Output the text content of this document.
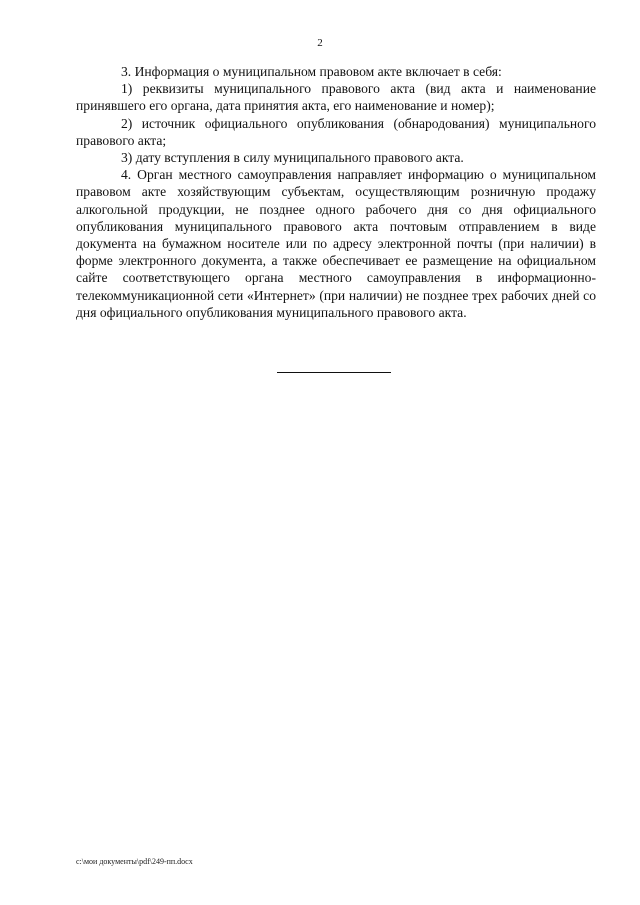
2

3. Информация о муниципальном правовом акте включает в себя:

1) реквизиты муниципального правового акта (вид акта и наименование принявшего его органа, дата принятия акта, его наименование и номер);

2) источник официального опубликования (обнародования) муниципального правового акта;

3) дату вступления в силу муниципального правового акта.

4. Орган местного самоуправления направляет информацию о муниципальном правовом акте хозяйствующим субъектам, осуществляющим розничную продажу алкогольной продукции, не позднее одного рабочего дня со дня официального опубликования муниципального правового акта почтовым отправлением в виде документа на бумажном носителе или по адресу электронной почты (при наличии) в форме электронного документа, а также обеспечивает ее размещение на официальном сайте соответствующего органа местного самоуправления в информационно-телекоммуникационной сети «Интернет» (при наличии) не позднее трех рабочих дней со дня официального опубликования муниципального правового акта.

c:\мои документы\pdf\249-пп.docx
